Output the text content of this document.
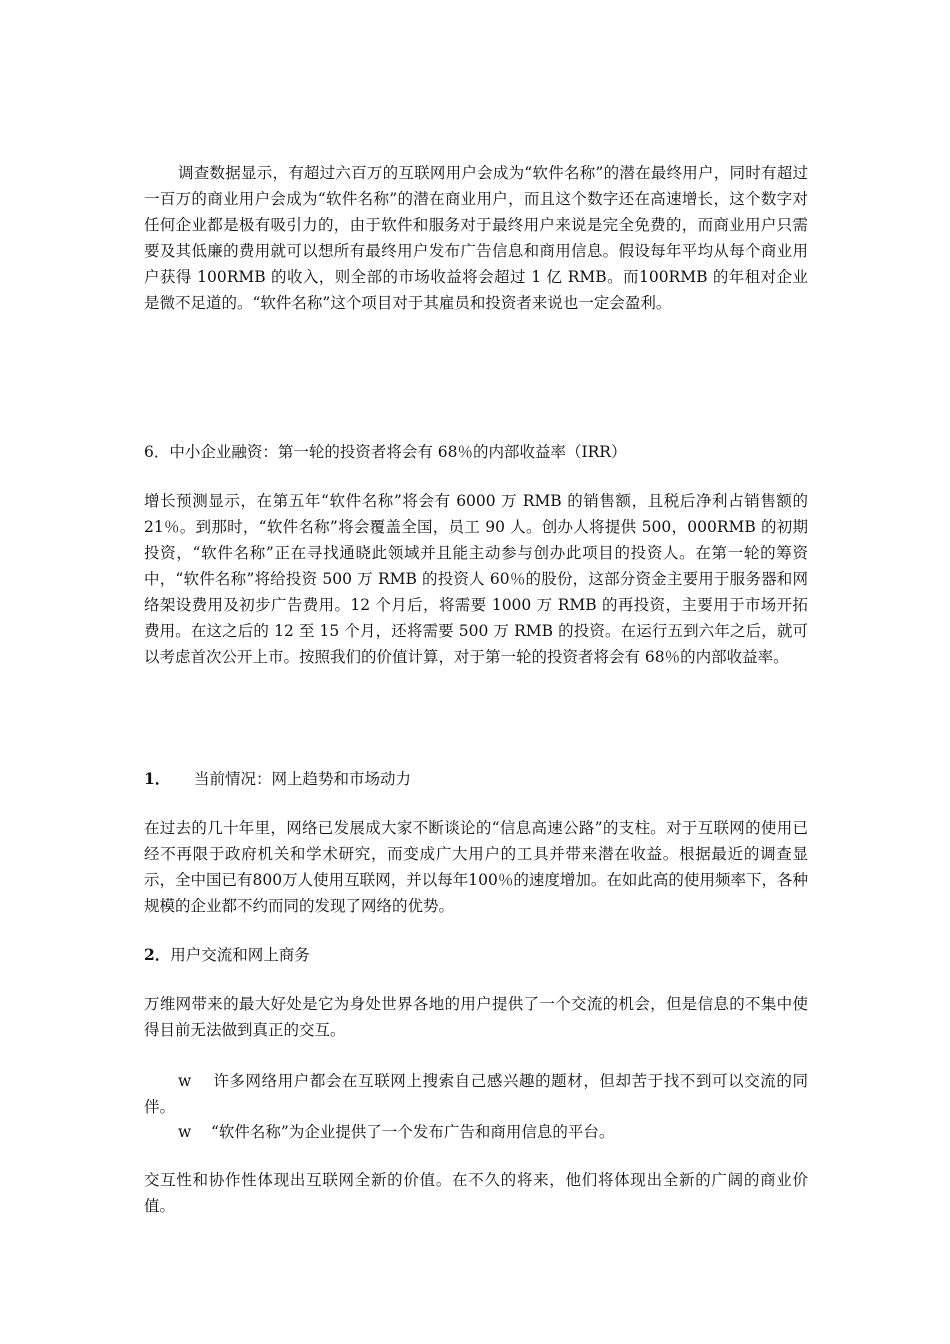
调查数据显示，有超过六百万的互联网用户会成为“软件名称”的潜在最终用户，同时有超过一百万的商业用户会成为“软件名称”的潜在商业用户，而且这个数字还在高速增长，这个数字对任何企业都是极有吸引力的，由于软件和服务对于最终用户来说是完全免费的，而商业用户只需要及其低廉的费用就可以想所有最终用户发布广告信息和商用信息。假设每年平均从每个商业用户获得 100RMB 的收入，则全部的市场收益将会超过 1 亿 RMB。而100RMB 的年租对企业是微不足道的。“软件名称”这个项目对于其雇员和投资者来说也一定会盈利。

6．中小企业融资：第一轮的投资者将会有 68％的内部收益率（IRR）

增长预测显示，在第五年“软件名称”将会有 6000 万 RMB 的销售额，且税后净利占销售额的 21％。到那时，“软件名称”将会覆盖全国，员工 90 人。创办人将提供 500，000RMB 的初期投资，“软件名称”正在寻找通晓此领域并且能主动参与创办此项目的投资人。在第一轮的筹资中，“软件名称”将给投资 500 万 RMB 的投资人 60％的股份，这部分资金主要用于服务器和网络架设费用及初步广告费用。12 个月后，将需要 1000 万 RMB 的再投资，主要用于市场开拓费用。在这之后的 12 至 15 个月，还将需要 500 万 RMB 的投资。在运行五到六年之后，就可以考虑首次公开上市。按照我们的价值计算，对于第一轮的投资者将会有 68％的内部收益率。

1． 当前情况：网上趋势和市场动力

在过去的几十年里，网络已发展成大家不断谈论的“信息高速公路”的支柱。对于互联网的使用已经不再限于政府机关和学术研究，而变成广大用户的工具并带来潜在收益。根据最近的调查显示，全中国已有800万人使用互联网，并以每年100％的速度增加。在如此高的使用频率下，各种规模的企业都不约而同的发现了网络的优势。

2．用户交流和网上商务

万维网带来的最大好处是它为身处世界各地的用户提供了一个交流的机会，但是信息的不集中使得目前无法做到真正的交互。

w 许多网络用户都会在互联网上搜索自己感兴趣的题材，但却苦于找不到可以交流的同伴。

w “软件名称”为企业提供了一个发布广告和商用信息的平台。

交互性和协作性体现出互联网全新的价值。在不久的将来，他们将体现出全新的广阔的商业价值。
